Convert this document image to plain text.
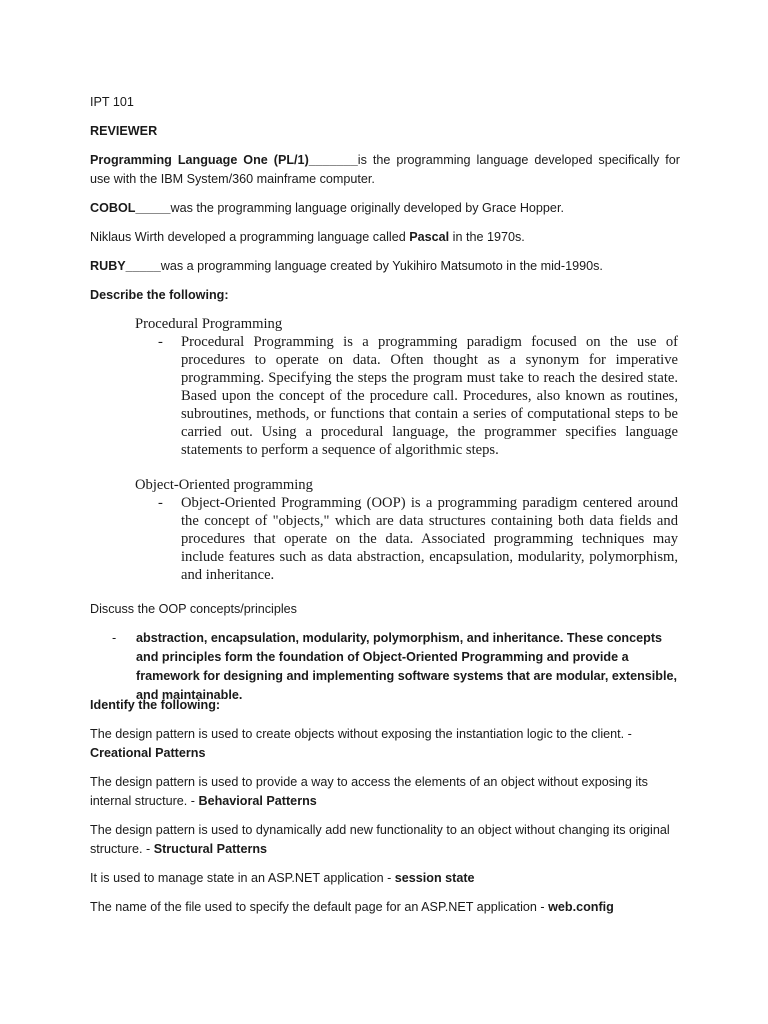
IPT 101

REVIEWER

Programming Language One (PL/1)_______is the programming language developed specifically for use with the IBM System/360 mainframe computer.

COBOL_____was the programming language originally developed by Grace Hopper.

Niklaus Wirth developed a programming language called Pascal in the 1970s.

RUBY_____was a programming language created by Yukihiro Matsumoto in the mid-1990s.

Describe the following:

Procedural Programming

- Procedural Programming is a programming paradigm focused on the use of procedures to operate on data. Often thought as a synonym for imperative programming. Specifying the steps the program must take to reach the desired state. Based upon the concept of the procedure call. Procedures, also known as routines, subroutines, methods, or functions that contain a series of computational steps to be carried out. Using a procedural language, the programmer specifies language statements to perform a sequence of algorithmic steps.

Object-Oriented programming

- Object-Oriented Programming (OOP) is a programming paradigm centered around the concept of "objects," which are data structures containing both data fields and procedures that operate on the data. Associated programming techniques may include features such as data abstraction, encapsulation, modularity, polymorphism, and inheritance.

Discuss the OOP concepts/principles

- abstraction, encapsulation, modularity, polymorphism, and inheritance. These concepts and principles form the foundation of Object-Oriented Programming and provide a framework for designing and implementing software systems that are modular, extensible, and maintainable.

Identify the following:

The design pattern is used to create objects without exposing the instantiation logic to the client. - Creational Patterns

The design pattern is used to provide a way to access the elements of an object without exposing its internal structure. - Behavioral Patterns

The design pattern is used to dynamically add new functionality to an object without changing its original structure. - Structural Patterns

It is used to manage state in an ASP.NET application - session state

The name of the file used to specify the default page for an ASP.NET application - web.config
